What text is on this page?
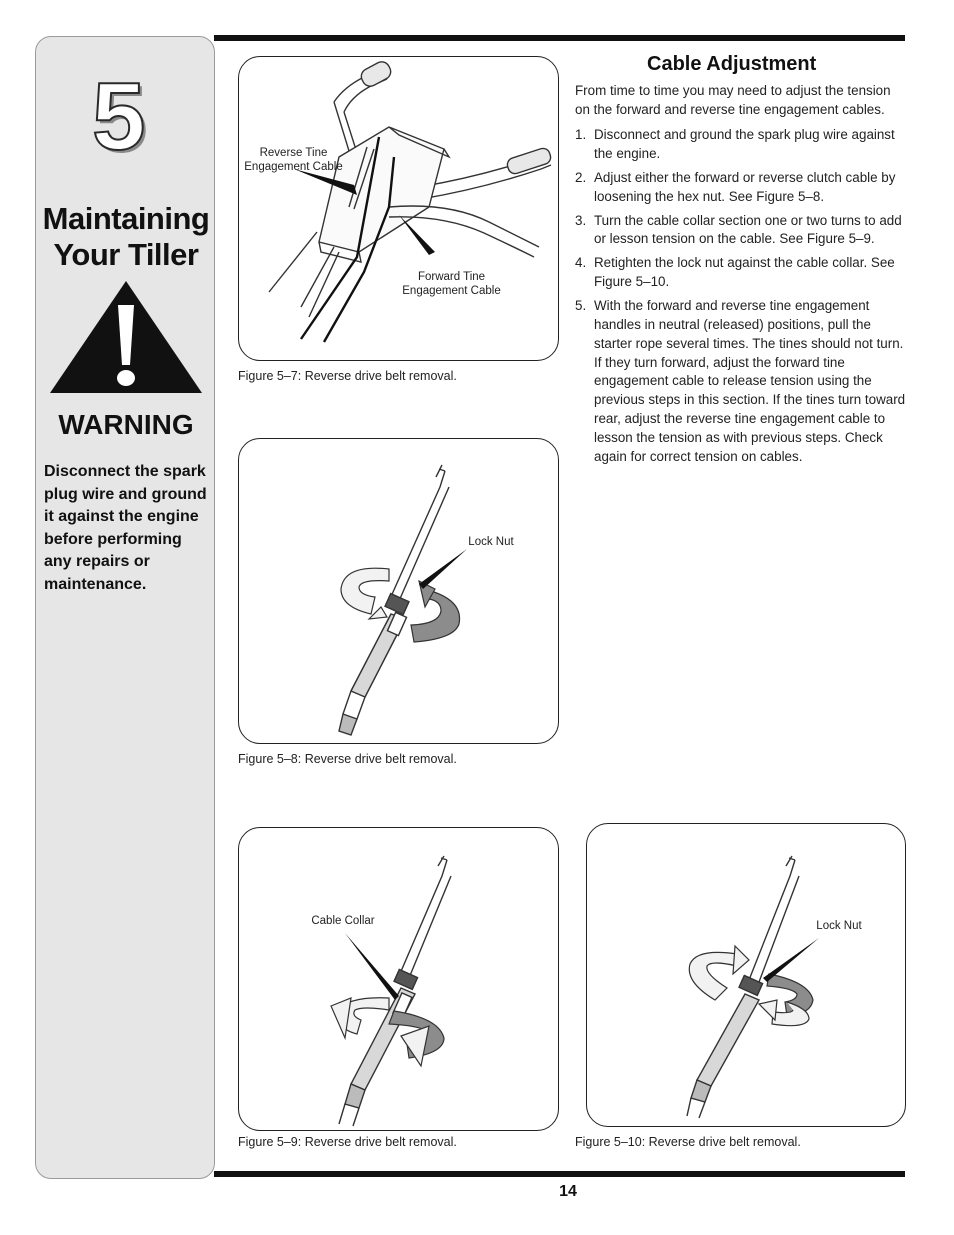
5
Maintaining
Your Tiller
WARNING
Disconnect the spark plug wire and ground it against the engine before performing any repairs or maintenance.
Reverse Tine
Engagement Cable
Forward Tine
Engagement Cable
Figure 5–7: Reverse drive belt removal.
Lock Nut
Figure 5–8: Reverse drive belt removal.
Cable Collar
Figure 5–9: Reverse drive belt removal.
Lock Nut
Figure 5–10: Reverse drive belt removal.
Cable Adjustment
From time to time you may need to adjust the tension on the forward and reverse tine engagement cables.
1. Disconnect and ground the spark plug wire against the engine.
2. Adjust either the forward or reverse clutch cable by loosening the hex nut. See Figure 5–8.
3. Turn the cable collar section one or two turns to add or lesson tension on the cable. See Figure 5–9.
4. Retighten the lock nut against the cable collar. See Figure 5–10.
5. With the forward and reverse tine engagement handles in neutral (released) positions, pull the starter rope several times. The tines should not turn. If they turn forward, adjust the forward tine engagement cable to release tension using the previous steps in this section. If the tines turn toward rear, adjust the reverse tine engagement cable to lesson the tension as with previous steps. Check again for correct tension on cables.
14
